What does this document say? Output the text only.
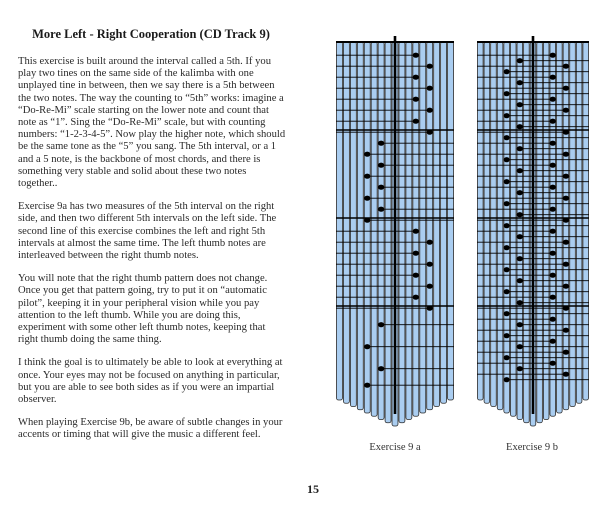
More Left - Right Cooperation (CD Track 9)

This exercise is built around the interval called a 5th. If you play two tines on the same side of the kalimba with one unplayed tine in between, then we say there is a 5th between the two notes. The way the counting to “5th” works: imagine a “Do-Re-Mi” scale starting on the lower note and count that note as “1”. Sing the “Do-Re-Mi” scale, but with counting numbers: “1-2-3-4-5”. Now play the higher note, which should be the same tone as the “5” you sang. The 5th interval, or a 1 and a 5 note, is the backbone of most chords, and there is something very stable and solid about these two notes together..

Exercise 9a has two measures of the 5th interval on the right side, and then two different 5th intervals on the left side. The second line of this exercise combines the left and right 5th intervals at almost the same time. The left thumb notes are interleaved between the right thumb notes.

You will note that the right thumb pattern does not change. Once you get that pattern going, try to put it on “automatic pilot”, keeping it in your peripheral vision while you pay attention to the left thumb. While you are doing this, experiment with some other left thumb notes, keeping that right thumb doing the same thing.

I think the goal is to ultimately be able to look at everything at once. Your eyes may not be focused on anything in particular, but you are able to see both sides as if you were an impartial observer.

When playing Exercise 9b, be aware of subtle changes in your accents or timing that will give the music a different feel.

Exercise 9 a	Exercise 9 b
15
